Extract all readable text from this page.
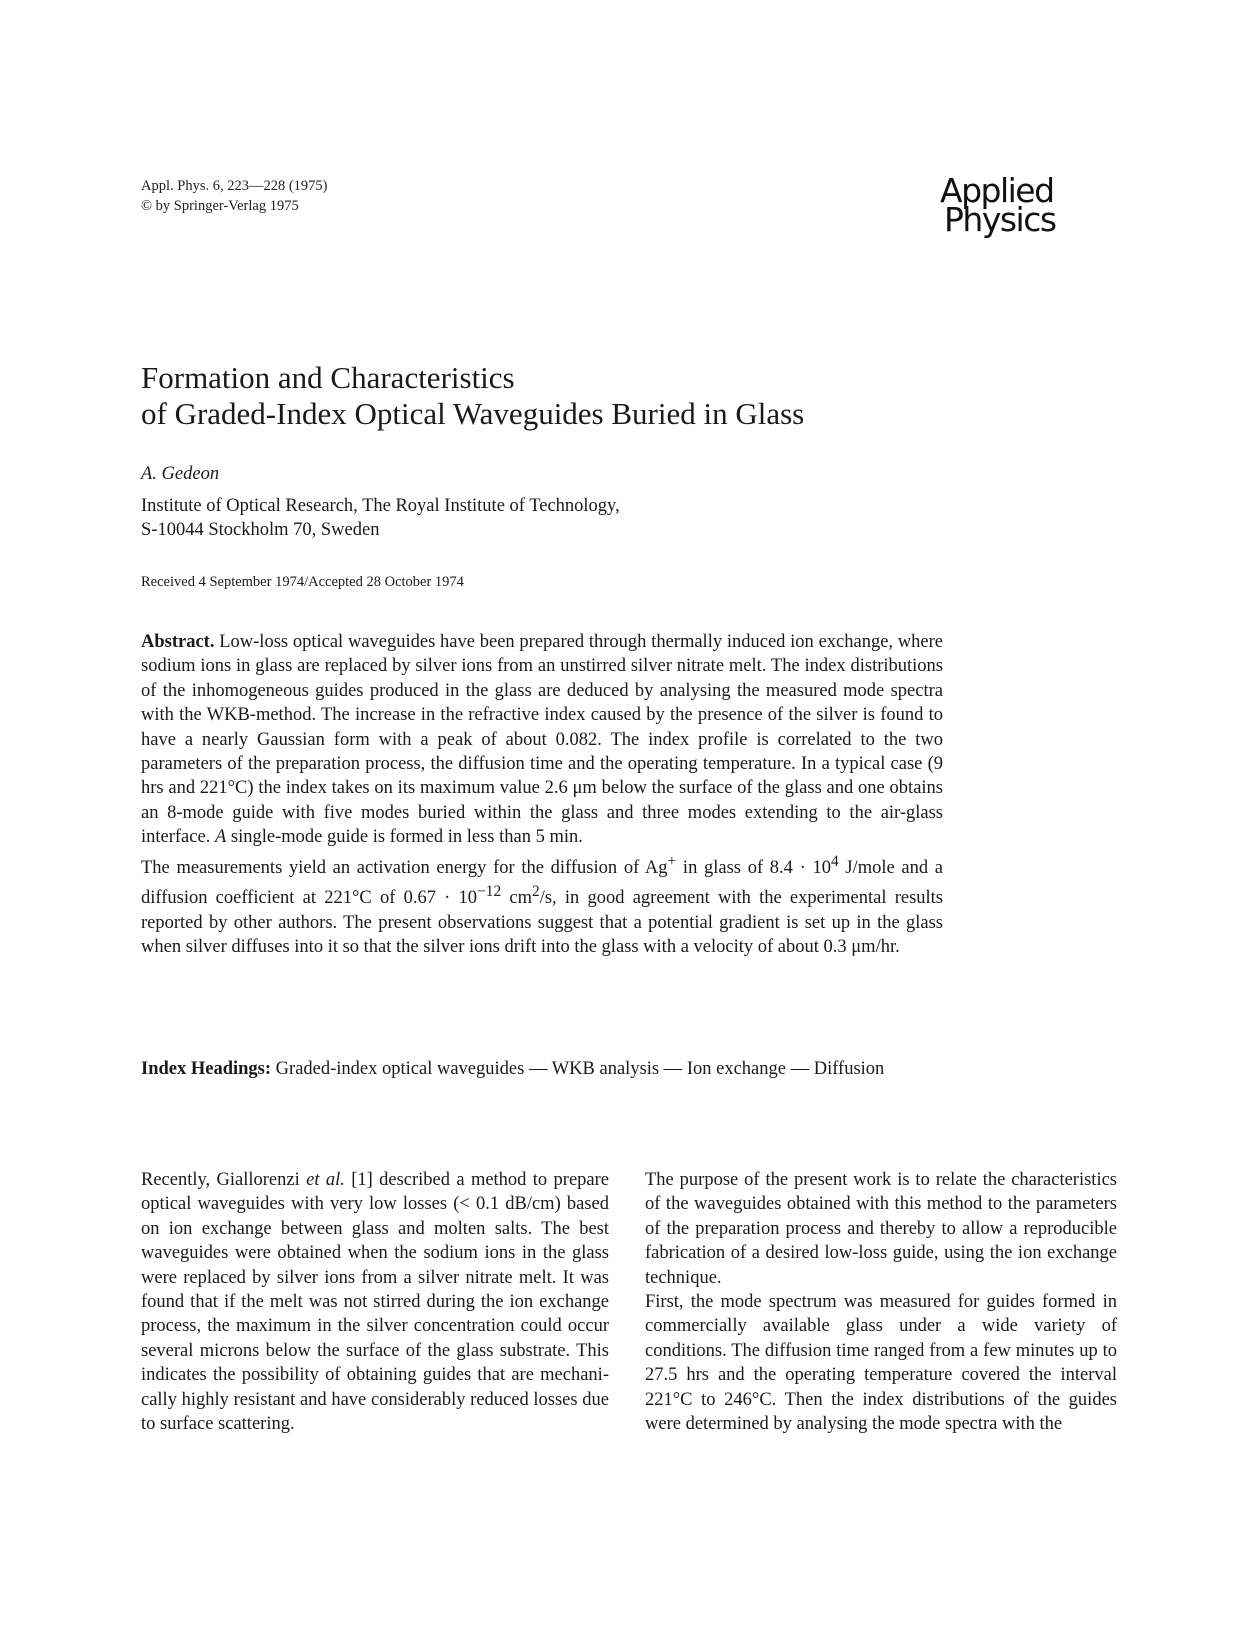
Appl. Phys. 6, 223—228 (1975)
© by Springer-Verlag 1975	Applied
Physics
Formation and Characteristics
of Graded-Index Optical Waveguides Buried in Glass
A. Gedeon
Institute of Optical Research, The Royal Institute of Technology,
S-10044 Stockholm 70, Sweden
Received 4 September 1974/Accepted 28 October 1974

Abstract. Low-loss optical waveguides have been prepared through thermally induced ion exchange, where sodium ions in glass are replaced by silver ions from an unstirred silver nitrate melt. The index distributions of the inhomogeneous guides produced in the glass are deduced by analysing the measured mode spectra with the WKB-method. The increase in the refractive index caused by the presence of the silver is found to have a nearly Gaussian form with a peak of about 0.082. The index profile is correlated to the two parameters of the preparation process, the diffusion time and the operating temperature. In a typical case (9 hrs and 221°C) the index takes on its maximum value 2.6 μm below the surface of the glass and one obtains an 8-mode guide with five modes buried within the glass and three modes extending to the air-glass interface. A single-mode guide is formed in less than 5 min.

The measurements yield an activation energy for the diffusion of Ag+ in glass of $8.4 \cdot 10^4$ J/mole and a diffusion coefficient at 221°C of $0.67 \cdot 10^{-12}$ $cm^2/s$, in good agreement with the experimental results reported by other authors. The present observations suggest that a potential gradient is set up in the glass when silver diffuses into it so that the silver ions drift into the glass with a velocity of about 0.3 μm/hr.

Index Headings: Graded-index optical waveguides — WKB analysis — Ion exchange — Diffusion

Recently, Giallorenzi et al. [1] described a method to prepare optical waveguides with very low losses (< 0.1 dB/cm) based on ion exchange between glass and molten salts. The best waveguides were obtained when the sodium ions in the glass were replaced by silver ions from a silver nitrate melt. It was found that if the melt was not stirred during the ion exchange process, the maximum in the silver concentration could occur several microns below the surface of the glass substrate. This indicates the possibility of obtaining guides that are mechanically highly resistant and have considerably reduced losses due to surface scattering.

The purpose of the present work is to relate the characteristics of the waveguides obtained with this method to the parameters of the preparation process and thereby to allow a reproducible fabrication of a desired low-loss guide, using the ion exchange technique.

First, the mode spectrum was measured for guides formed in commercially available glass under a wide variety of conditions. The diffusion time ranged from a few minutes up to 27.5 hrs and the operating temperature covered the interval 221°C to 246°C. Then the index distributions of the guides were determined by analysing the mode spectra with the
